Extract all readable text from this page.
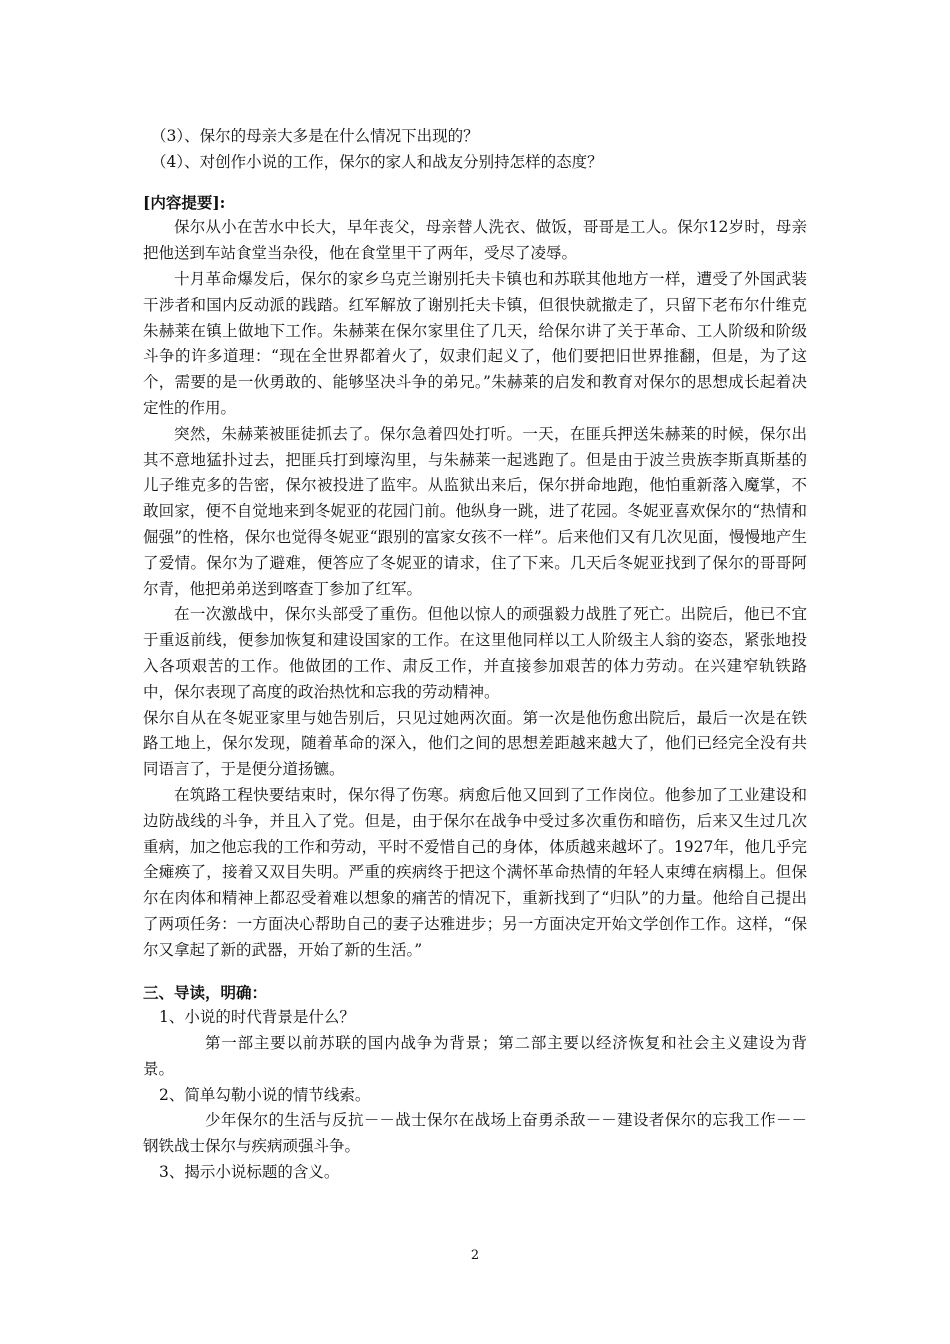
（3）、保尔的母亲大多是在什么情况下出现的？

（4）、对创作小说的工作，保尔的家人和战友分别持怎样的态度？

[内容提要]:

保尔从小在苦水中长大，早年丧父，母亲替人洗衣、做饭，哥哥是工人。保尔12岁时，母亲把他送到车站食堂当杂役，他在食堂里干了两年，受尽了凌辱。

十月革命爆发后，保尔的家乡乌克兰谢别托夫卡镇也和苏联其他地方一样，遭受了外国武装干涉者和国内反动派的践踏。红军解放了谢别托夫卡镇，但很快就撤走了，只留下老布尔什维克朱赫莱在镇上做地下工作。朱赫莱在保尔家里住了几天，给保尔讲了关于革命、工人阶级和阶级斗争的许多道理：“现在全世界都着火了，奴隶们起义了，他们要把旧世界推翻，但是，为了这个，需要的是一伙勇敢的、能够坚决斗争的弟兄。”朱赫莱的启发和教育对保尔的思想成长起着决定性的作用。

突然，朱赫莱被匪徒抓去了。保尔急着四处打听。一天，在匪兵押送朱赫莱的时候，保尔出其不意地猛扑过去，把匪兵打到壕沟里，与朱赫莱一起逃跑了。但是由于波兰贵族李斯真斯基的儿子维克多的告密，保尔被投进了监牢。从监狱出来后，保尔拼命地跑，他怕重新落入魔掌，不敢回家，便不自觉地来到冬妮亚的花园门前。他纵身一跳，进了花园。冬妮亚喜欢保尔的“热情和倔强”的性格，保尔也觉得冬妮亚“跟别的富家女孩不一样”。后来他们又有几次见面，慢慢地产生了爱情。保尔为了避难，便答应了冬妮亚的请求，住了下来。几天后冬妮亚找到了保尔的哥哥阿尔青，他把弟弟送到喀查丁参加了红军。

在一次激战中，保尔头部受了重伤。但他以惊人的顽强毅力战胜了死亡。出院后，他已不宜于重返前线，便参加恢复和建设国家的工作。在这里他同样以工人阶级主人翁的姿态，紧张地投入各项艰苦的工作。他做团的工作、肃反工作，并直接参加艰苦的体力劳动。在兴建窄轨铁路中，保尔表现了高度的政治热忱和忘我的劳动精神。

保尔自从在冬妮亚家里与她告别后，只见过她两次面。第一次是他伤愈出院后，最后一次是在铁路工地上，保尔发现，随着革命的深入，他们之间的思想差距越来越大了，他们已经完全没有共同语言了，于是便分道扬镳。

在筑路工程快要结束时，保尔得了伤寒。病愈后他又回到了工作岗位。他参加了工业建设和边防战线的斗争，并且入了党。但是，由于保尔在战争中受过多次重伤和暗伤，后来又生过几次重病，加之他忘我的工作和劳动，平时不爱惜自己的身体，体质越来越坏了。1927年，他几乎完全瘫痪了，接着又双目失明。严重的疾病终于把这个满怀革命热情的年轻人束缚在病榻上。但保尔在肉体和精神上都忍受着难以想象的痛苦的情况下，重新找到了“归队”的力量。他给自己提出了两项任务：一方面决心帮助自己的妻子达雅进步；另一方面决定开始文学创作工作。这样，“保尔又拿起了新的武器，开始了新的生活。”

三、导读，明确：

1、小说的时代背景是什么？

第一部主要以前苏联的国内战争为背景；第二部主要以经济恢复和社会主义建设为背景。

2、简单勾勒小说的情节线索。

少年保尔的生活与反抗－－战士保尔在战场上奋勇杀敌－－建设者保尔的忘我工作－－钢铁战士保尔与疾病顽强斗争。

3、揭示小说标题的含义。

2
